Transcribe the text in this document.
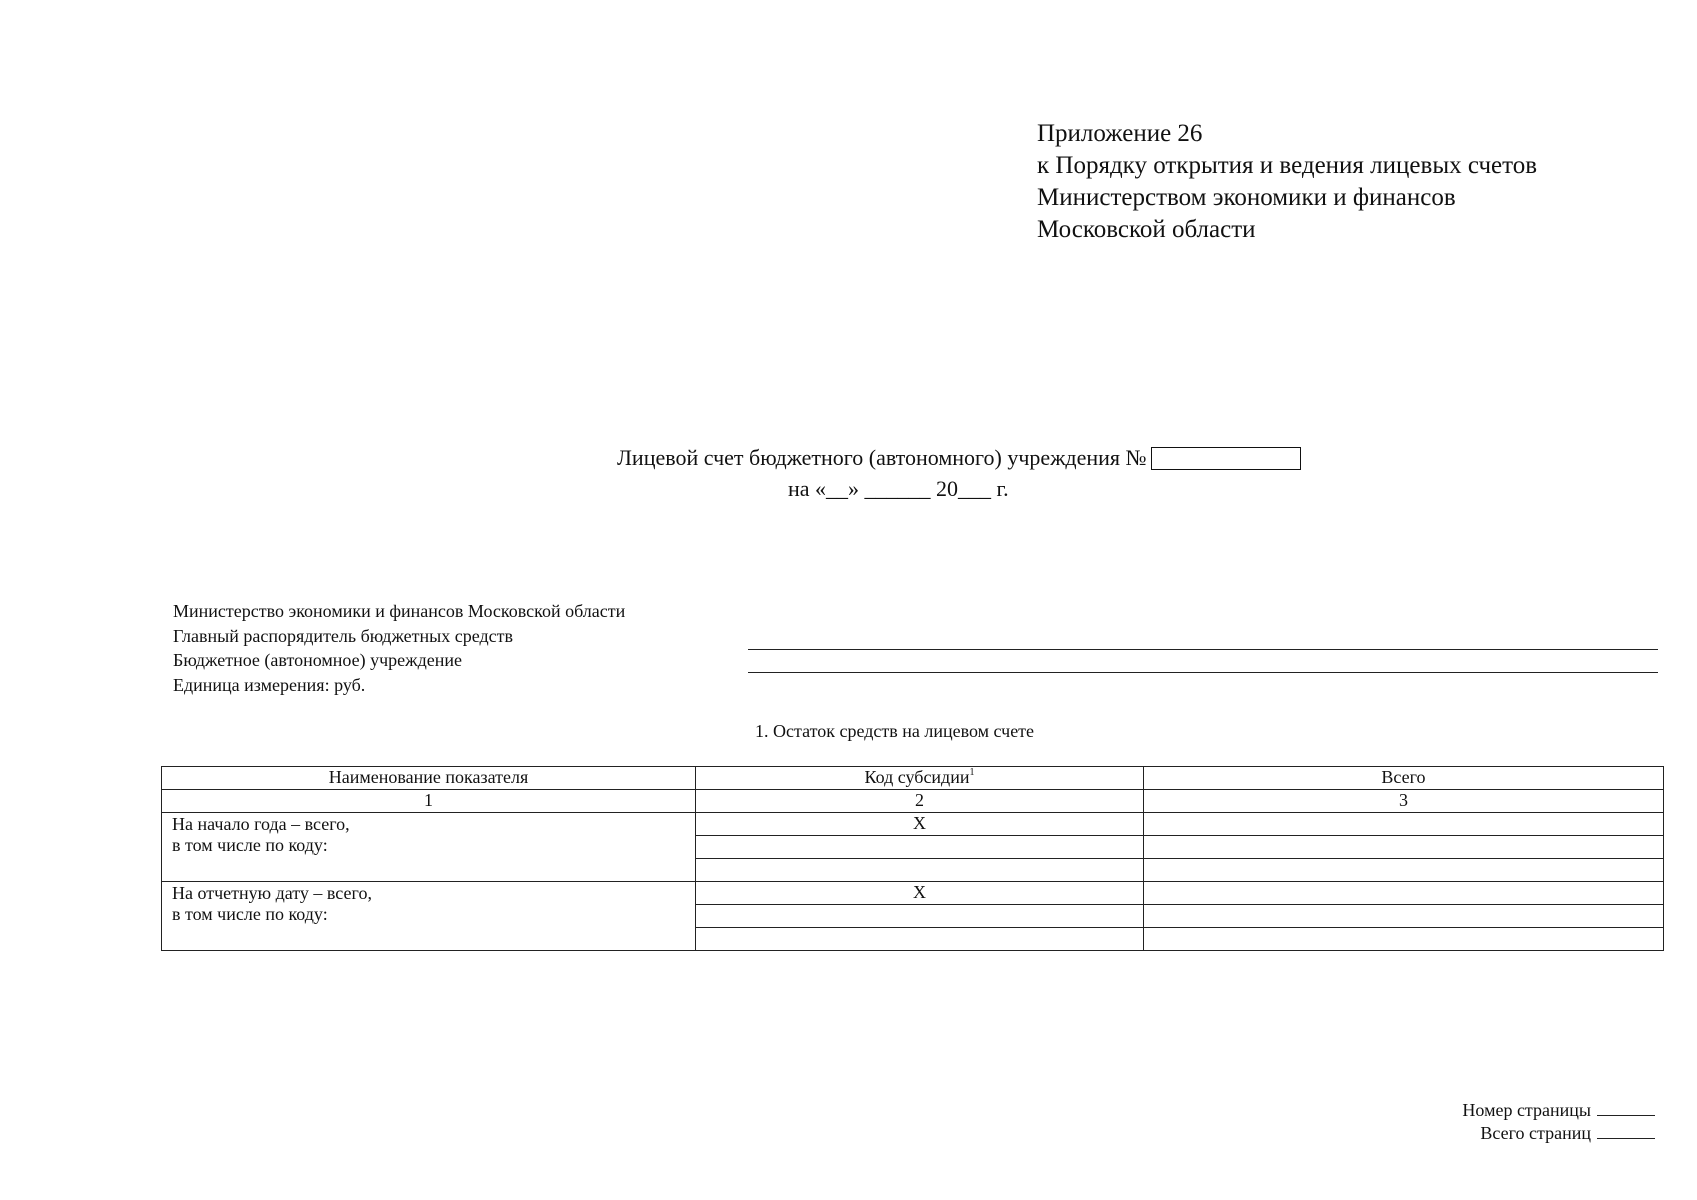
Приложение 26
к Порядку открытия и ведения лицевых счетов
Министерством экономики и финансов
Московской области
Лицевой счет бюджетного (автономного) учреждения №
на «__» ______ 20___ г.
Министерство экономики и финансов Московской области
Главный распорядитель бюджетных средств
Бюджетное (автономное) учреждение
Единица измерения: руб.
1. Остаток средств на лицевом счете
Наименование показателя	Код субсидии$^1$	Всего
1	2	3

На начало года – всего,
в том числе по коду:	Х	

На отчетную дату – всего,
в том числе по коду:	Х	

Номер страницы
Всего страниц
